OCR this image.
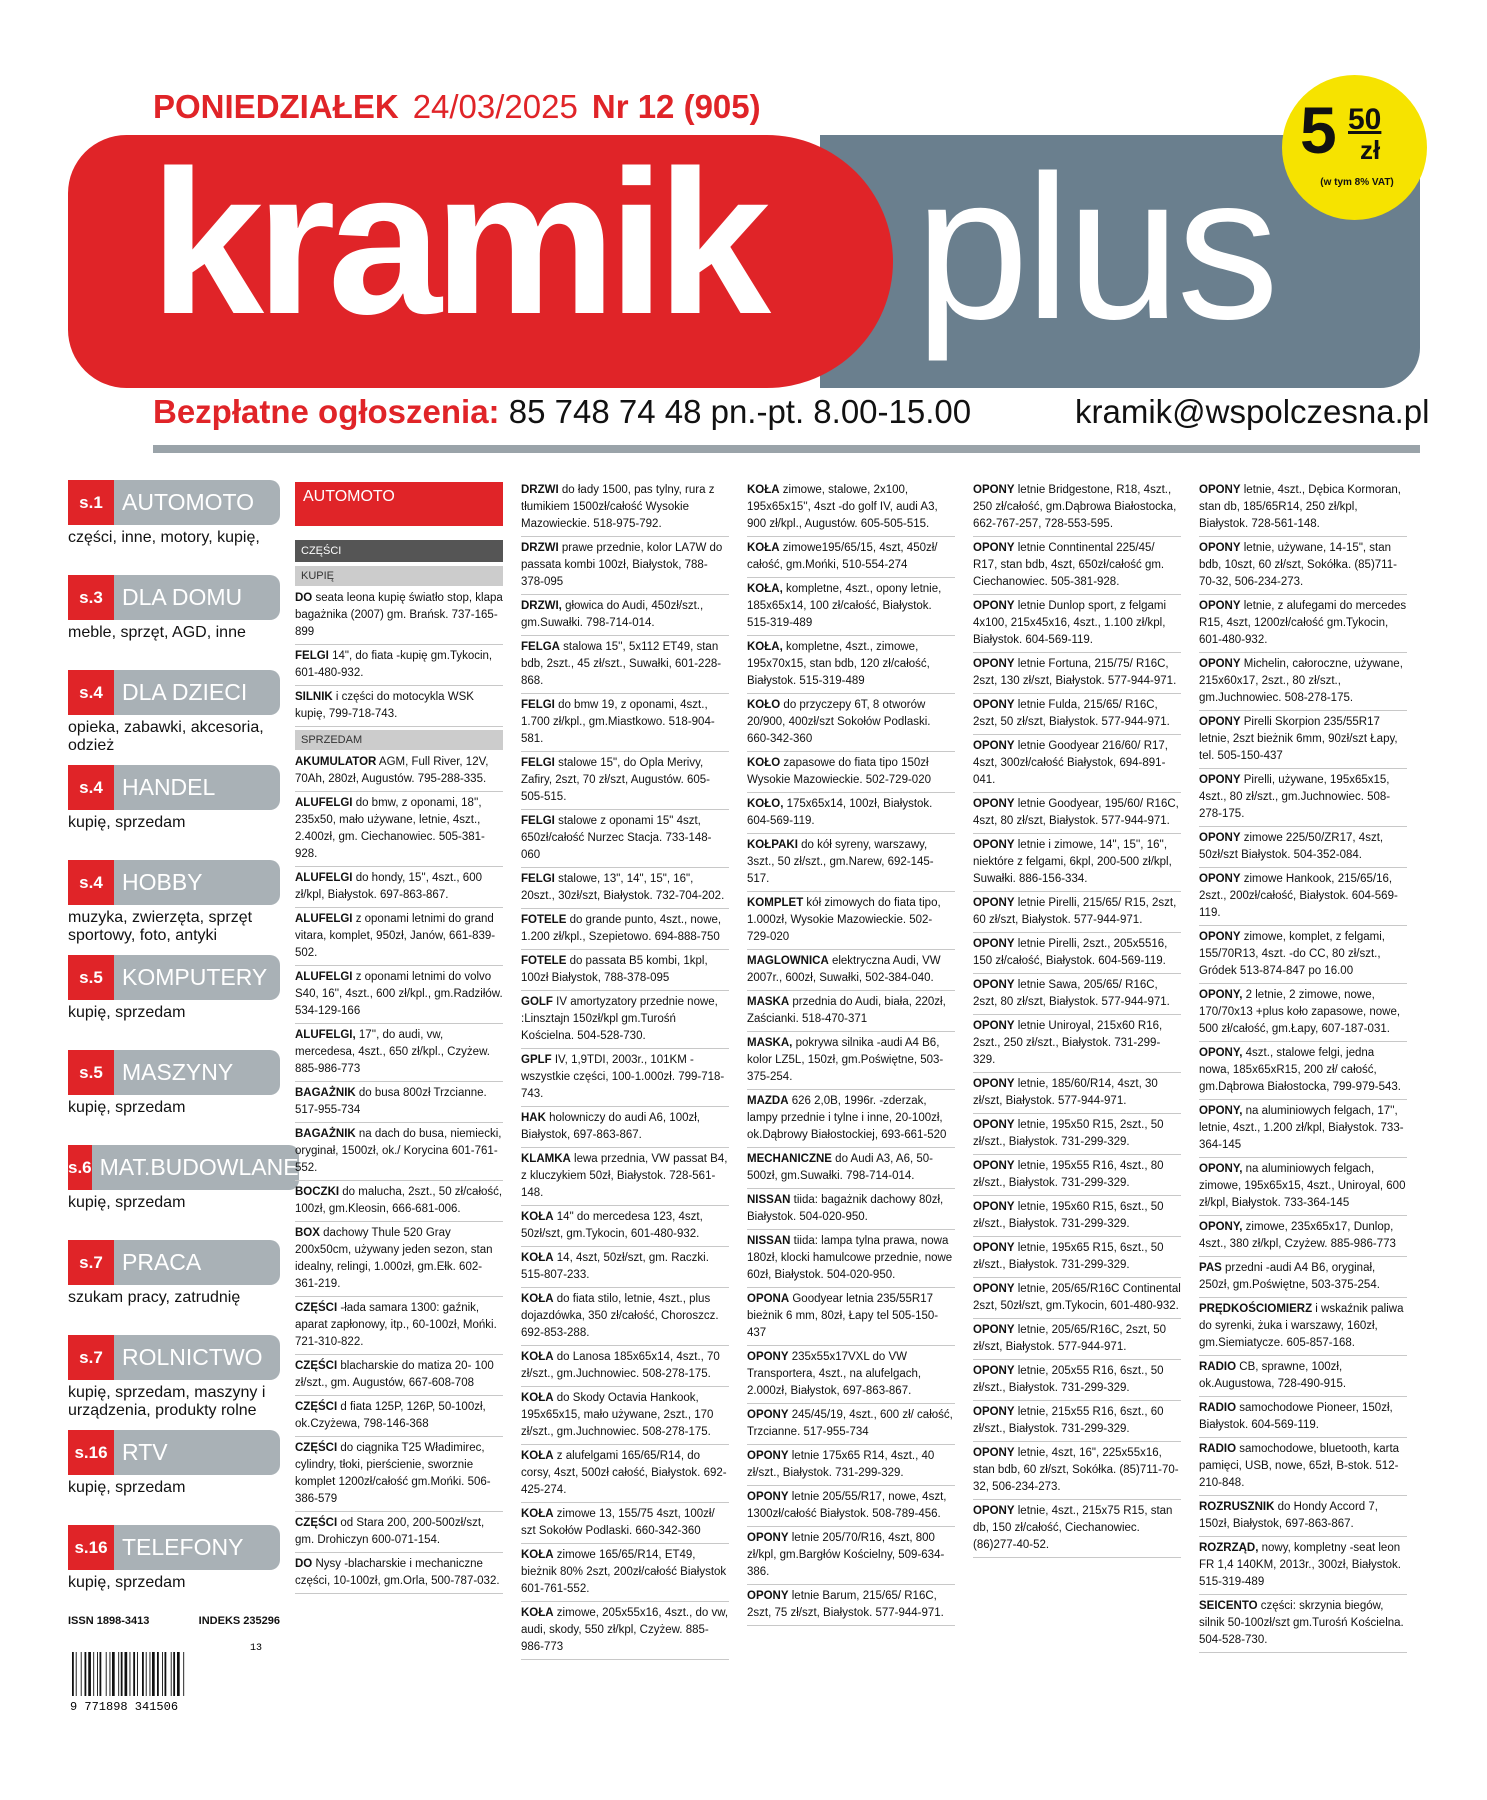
PONIEDZIAŁEK 24/03/2025 Nr 12 (905)
kramik plus
5 50
zł
(w tym 8% VAT)
Bezpłatne ogłoszenia: 85 748 74 48 pn.-pt. 8.00-15.00	kramik@wspolczesna.pl
s.1 AUTOMOTO
części, inne, motory, kupię,
s.3 DLA DOMU
meble, sprzęt, AGD, inne
s.4 DLA DZIECI
opieka, zabawki, akcesoria, odzież
s.4 HANDEL
kupię, sprzedam
s.4 HOBBY
muzyka, zwierzęta, sprzęt sportowy, foto, antyki
s.5 KOMPUTERY
kupię, sprzedam
s.5 MASZYNY
kupię, sprzedam
s.6 MAT.BUDOWLANE
kupię, sprzedam
s.7 PRACA
szukam pracy, zatrudnię
s.7 ROLNICTWO
kupię, sprzedam, maszyny i urządzenia, produkty rolne
s.16 RTV
kupię, sprzedam
s.16 TELEFONY
kupię, sprzedam
ISSN 1898-3413	INDEKS 235296
9 771898 341506
13
AUTOMOTO
CZĘŚCI
KUPIĘ
DO seata leona kupię światło stop, klapa bagażnika (2007) gm. Brańsk. 737-165-899
FELGI 14", do fiata -kupię gm.Tykocin, 601-480-932.
SILNIK i części do motocykla WSK kupię, 799-718-743.
SPRZEDAM
AKUMULATOR AGM, Full River, 12V, 70Ah, 280zł, Augustów. 795-288-335.
ALUFELGI do bmw, z oponami, 18'', 235x50, mało używane, letnie, 4szt., 2.400zł, gm. Ciechanowiec. 505-381-928.
ALUFELGI do hondy, 15'', 4szt., 600 zł/kpl, Białystok. 697-863-867.
ALUFELGI z oponami letnimi do grand vitara, komplet, 950zł, Janów, 661-839-502.
ALUFELGI z oponami letnimi do volvo S40, 16'', 4szt., 600 zł/kpl., gm.Radziłów. 534-129-166
ALUFELGI, 17'', do audi, vw, mercedesa, 4szt., 650 zł/kpl., Czyżew. 885-986-773
BAGAŻNIK do busa 800zł Trzcianne. 517-955-734
BAGAŻNIK na dach do busa, niemiecki, oryginał, 1500zł, ok./ Korycina 601-761-552.
BOCZKI do malucha, 2szt., 50 zł/całość, 100zł, gm.Kleosin, 666-681-006.
BOX dachowy Thule 520 Gray 200x50cm, używany jeden sezon, stan idealny, relingi, 1.000zł, gm.Ełk. 602-361-219.
CZĘŚCI -łada samara 1300: gaźnik, aparat zapłonowy, itp., 60-100zł, Mońki. 721-310-822.
CZĘŚCI blacharskie do matiza 20- 100 zł/szt., gm. Augustów, 667-608-708
CZĘŚCI d fiata 125P, 126P, 50-100zł, ok.Czyżewa, 798-146-368
CZĘŚCI do ciągnika T25 Władimirec, cylindry, tłoki, pierścienie, sworznie komplet 1200zł/całość gm.Mońki. 506-386-579
CZĘŚCI od Stara 200, 200-500zł/szt, gm. Drohiczyn 600-071-154.
DO Nysy -blacharskie i mechaniczne części, 10-100zł, gm.Orla, 500-787-032.
DRZWI do łady 1500, pas tylny, rura z tłumikiem 1500zł/całość Wysokie Mazowieckie. 518-975-792.
DRZWI prawe przednie, kolor LA7W do passata kombi 100zł, Białystok, 788-378-095
DRZWI, głowica do Audi, 450zł/szt., gm.Suwałki. 798-714-014.
FELGA stalowa 15'', 5x112 ET49, stan bdb, 2szt., 45 zł/szt., Suwałki, 601-228-868.
FELGI do bmw 19, z oponami, 4szt., 1.700 zł/kpl., gm.Miastkowo. 518-904-581.
FELGI stalowe 15", do Opla Merivy, Zafiry, 2szt, 70 zł/szt, Augustów. 605-505-515.
FELGI stalowe z oponami 15" 4szt, 650zł/całość Nurzec Stacja. 733-148-060
FELGI stalowe, 13", 14", 15", 16", 20szt., 30zł/szt, Białystok. 732-704-202.
FOTELE do grande punto, 4szt., nowe, 1.200 zł/kpl., Szepietowo. 694-888-750
FOTELE do passata B5 kombi, 1kpl, 100zł Białystok, 788-378-095
GOLF IV amortyzatory przednie nowe, :Linsztajn 150zł/kpl gm.Turośń Kościelna. 504-528-730.
GPLF IV, 1,9TDI, 2003r., 101KM -wszystkie części, 100-1.000zł. 799-718-743.
HAK holowniczy do audi A6, 100zł, Białystok, 697-863-867.
KLAMKA lewa przednia, VW passat B4, z kluczykiem 50zł, Białystok. 728-561-148.
KOŁA 14" do mercedesa 123, 4szt, 50zł/szt, gm.Tykocin, 601-480-932.
KOŁA 14, 4szt, 50zł/szt, gm. Raczki. 515-807-233.
KOŁA do fiata stilo, letnie, 4szt., plus dojazdówka, 350 zł/całość, Choroszcz. 692-853-288.
KOŁA do Lanosa 185x65x14, 4szt., 70 zł/szt., gm.Juchnowiec. 508-278-175.
KOŁA do Skody Octavia Hankook, 195x65x15, mało używane, 2szt., 170 zł/szt., gm.Juchnowiec. 508-278-175.
KOŁA z alufelgami 165/65/R14, do corsy, 4szt, 500zł całość, Białystok. 692-425-274.
KOŁA zimowe 13, 155/75 4szt, 100zł/ szt Sokołów Podlaski. 660-342-360
KOŁA zimowe 165/65/R14, ET49, bieżnik 80% 2szt, 200zł/całość Białystok 601-761-552.
KOŁA zimowe, 205x55x16, 4szt., do vw, audi, skody, 550 zł/kpl, Czyżew. 885-986-773
KOŁA zimowe, stalowe, 2x100, 195x65x15'', 4szt -do golf IV, audi A3, 900 zł/kpl., Augustów. 605-505-515.
KOŁA zimowe195/65/15, 4szt, 450zł/ całość, gm.Mońki, 510-554-274
KOŁA, kompletne, 4szt., opony letnie, 185x65x14, 100 zł/całość, Białystok. 515-319-489
KOŁA, kompletne, 4szt., zimowe, 195x70x15, stan bdb, 120 zł/całość, Białystok. 515-319-489
KOŁO do przyczepy 6T, 8 otworów 20/900, 400zł/szt Sokołów Podlaski. 660-342-360
KOŁO zapasowe do fiata tipo 150zł Wysokie Mazowieckie. 502-729-020
KOŁO, 175x65x14, 100zł, Białystok. 604-569-119.
KOŁPAKI do kół syreny, warszawy, 3szt., 50 zł/szt., gm.Narew, 692-145-517.
KOMPLET kół zimowych do fiata tipo, 1.000zł, Wysokie Mazowieckie. 502-729-020
MAGLOWNICA elektryczna Audi, VW 2007r., 600zł, Suwałki, 502-384-040.
MASKA przednia do Audi, biała, 220zł, Zaścianki. 518-470-371
MASKA, pokrywa silnika -audi A4 B6, kolor LZ5L, 150zł, gm.Poświętne, 503-375-254.
MAZDA 626 2,0B, 1996r. -zderzak, lampy przednie i tylne i inne, 20-100zł, ok.Dąbrowy Białostockiej, 693-661-520
MECHANICZNE do Audi A3, A6, 50-500zł, gm.Suwałki. 798-714-014.
NISSAN tiida: bagażnik dachowy 80zł, Białystok. 504-020-950.
NISSAN tiida: lampa tylna prawa, nowa 180zł, klocki hamulcowe przednie, nowe 60zł, Białystok. 504-020-950.
OPONA Goodyear letnia 235/55R17 bieżnik 6 mm, 80zł, Łapy tel 505-150-437
OPONY 235x55x17VXL do VW Transportera, 4szt., na alufelgach, 2.000zł, Białystok, 697-863-867.
OPONY 245/45/19, 4szt., 600 zł/ całość, Trzcianne. 517-955-734
OPONY letnie 175x65 R14, 4szt., 40 zł/szt., Białystok. 731-299-329.
OPONY letnie 205/55/R17, nowe, 4szt, 1300zł/całość Białystok. 508-789-456.
OPONY letnie 205/70/R16, 4szt, 800 zł/kpl, gm.Bargłów Kościelny, 509-634-386.
OPONY letnie Barum, 215/65/ R16C, 2szt, 75 zł/szt, Białystok. 577-944-971.
OPONY letnie Bridgestone, R18, 4szt., 250 zł/całość, gm.Dąbrowa Białostocka, 662-767-257, 728-553-595.
OPONY letnie Conntinental 225/45/ R17, stan bdb, 4szt, 650zł/całość gm. Ciechanowiec. 505-381-928.
OPONY letnie Dunlop sport, z felgami 4x100, 215x45x16, 4szt., 1.100 zł/kpl, Białystok. 604-569-119.
OPONY letnie Fortuna, 215/75/ R16C, 2szt, 130 zł/szt, Białystok. 577-944-971.
OPONY letnie Fulda, 215/65/ R16C, 2szt, 50 zł/szt, Białystok. 577-944-971.
OPONY letnie Goodyear 216/60/ R17, 4szt, 300zł/całość Białystok, 694-891-041.
OPONY letnie Goodyear, 195/60/ R16C, 4szt, 80 zł/szt, Białystok. 577-944-971.
OPONY letnie i zimowe, 14'', 15'', 16'', niektóre z felgami, 6kpl, 200-500 zł/kpl, Suwałki. 886-156-334.
OPONY letnie Pirelli, 215/65/ R15, 2szt, 60 zł/szt, Białystok. 577-944-971.
OPONY letnie Pirelli, 2szt., 205x5516, 150 zł/całość, Białystok. 604-569-119.
OPONY letnie Sawa, 205/65/ R16C, 2szt, 80 zł/szt, Białystok. 577-944-971.
OPONY letnie Uniroyal, 215x60 R16, 2szt., 250 zł/szt., Białystok. 731-299-329.
OPONY letnie, 185/60/R14, 4szt, 30 zł/szt, Białystok. 577-944-971.
OPONY letnie, 195x50 R15, 2szt., 50 zł/szt., Białystok. 731-299-329.
OPONY letnie, 195x55 R16, 4szt., 80 zł/szt., Białystok. 731-299-329.
OPONY letnie, 195x60 R15, 6szt., 50 zł/szt., Białystok. 731-299-329.
OPONY letnie, 195x65 R15, 6szt., 50 zł/szt., Białystok. 731-299-329.
OPONY letnie, 205/65/R16C Continental 2szt, 50zł/szt, gm.Tykocin, 601-480-932.
OPONY letnie, 205/65/R16C, 2szt, 50 zł/szt, Białystok. 577-944-971.
OPONY letnie, 205x55 R16, 6szt., 50 zł/szt., Białystok. 731-299-329.
OPONY letnie, 215x55 R16, 6szt., 60 zł/szt., Białystok. 731-299-329.
OPONY letnie, 4szt, 16", 225x55x16, stan bdb, 60 zł/szt, Sokółka. (85)711-70-32, 506-234-273.
OPONY letnie, 4szt., 215x75 R15, stan db, 150 zł/całość, Ciechanowiec. (86)277-40-52.
OPONY letnie, 4szt., Dębica Kormoran, stan db, 185/65R14, 250 zł/kpl, Białystok. 728-561-148.
OPONY letnie, używane, 14-15", stan bdb, 10szt, 60 zł/szt, Sokółka. (85)711-70-32, 506-234-273.
OPONY letnie, z alufegami do mercedes R15, 4szt, 1200zł/całość gm.Tykocin, 601-480-932.
OPONY Michelin, całoroczne, używane, 215x60x17, 2szt., 80 zł/szt., gm.Juchnowiec. 508-278-175.
OPONY Pirelli Skorpion 235/55R17 letnie, 2szt bieżnik 6mm, 90zł/szt Łapy, tel. 505-150-437
OPONY Pirelli, używane, 195x65x15, 4szt., 80 zł/szt., gm.Juchnowiec. 508-278-175.
OPONY zimowe 225/50/ZR17, 4szt, 50zł/szt Białystok. 504-352-084.
OPONY zimowe Hankook, 215/65/16, 2szt., 200zł/całość, Białystok. 604-569-119.
OPONY zimowe, komplet, z felgami, 155/70R13, 4szt. -do CC, 80 zł/szt., Gródek 513-874-847 po 16.00
OPONY, 2 letnie, 2 zimowe, nowe, 170/70x13 +plus koło zapasowe, nowe, 500 zł/całość, gm.Łapy, 607-187-031.
OPONY, 4szt., stalowe felgi, jedna nowa, 185x65xR15, 200 zł/ całość, gm.Dąbrowa Białostocka, 799-979-543.
OPONY, na aluminiowych felgach, 17'', letnie, 4szt., 1.200 zł/kpl, Białystok. 733-364-145
OPONY, na aluminiowych felgach, zimowe, 195x65x15, 4szt., Uniroyal, 600 zł/kpl, Białystok. 733-364-145
OPONY, zimowe, 235x65x17, Dunlop, 4szt., 380 zł/kpl, Czyżew. 885-986-773
PAS przedni -audi A4 B6, oryginał, 250zł, gm.Poświętne, 503-375-254.
PRĘDKOŚCIOMIERZ i wskaźnik paliwa do syrenki, żuka i warszawy, 160zł, gm.Siemiatycze. 605-857-168.
RADIO CB, sprawne, 100zł, ok.Augustowa, 728-490-915.
RADIO samochodowe Pioneer, 150zł, Białystok. 604-569-119.
RADIO samochodowe, bluetooth, karta pamięci, USB, nowe, 65zł, B-stok. 512-210-848.
ROZRUSZNIK do Hondy Accord 7, 150zł, Białystok, 697-863-867.
ROZRZĄD, nowy, kompletny -seat leon FR 1,4 140KM, 2013r., 300zł, Białystok. 515-319-489
SEICENTO części: skrzynia biegów, silnik 50-100zł/szt gm.Turośń Kościelna. 504-528-730.
